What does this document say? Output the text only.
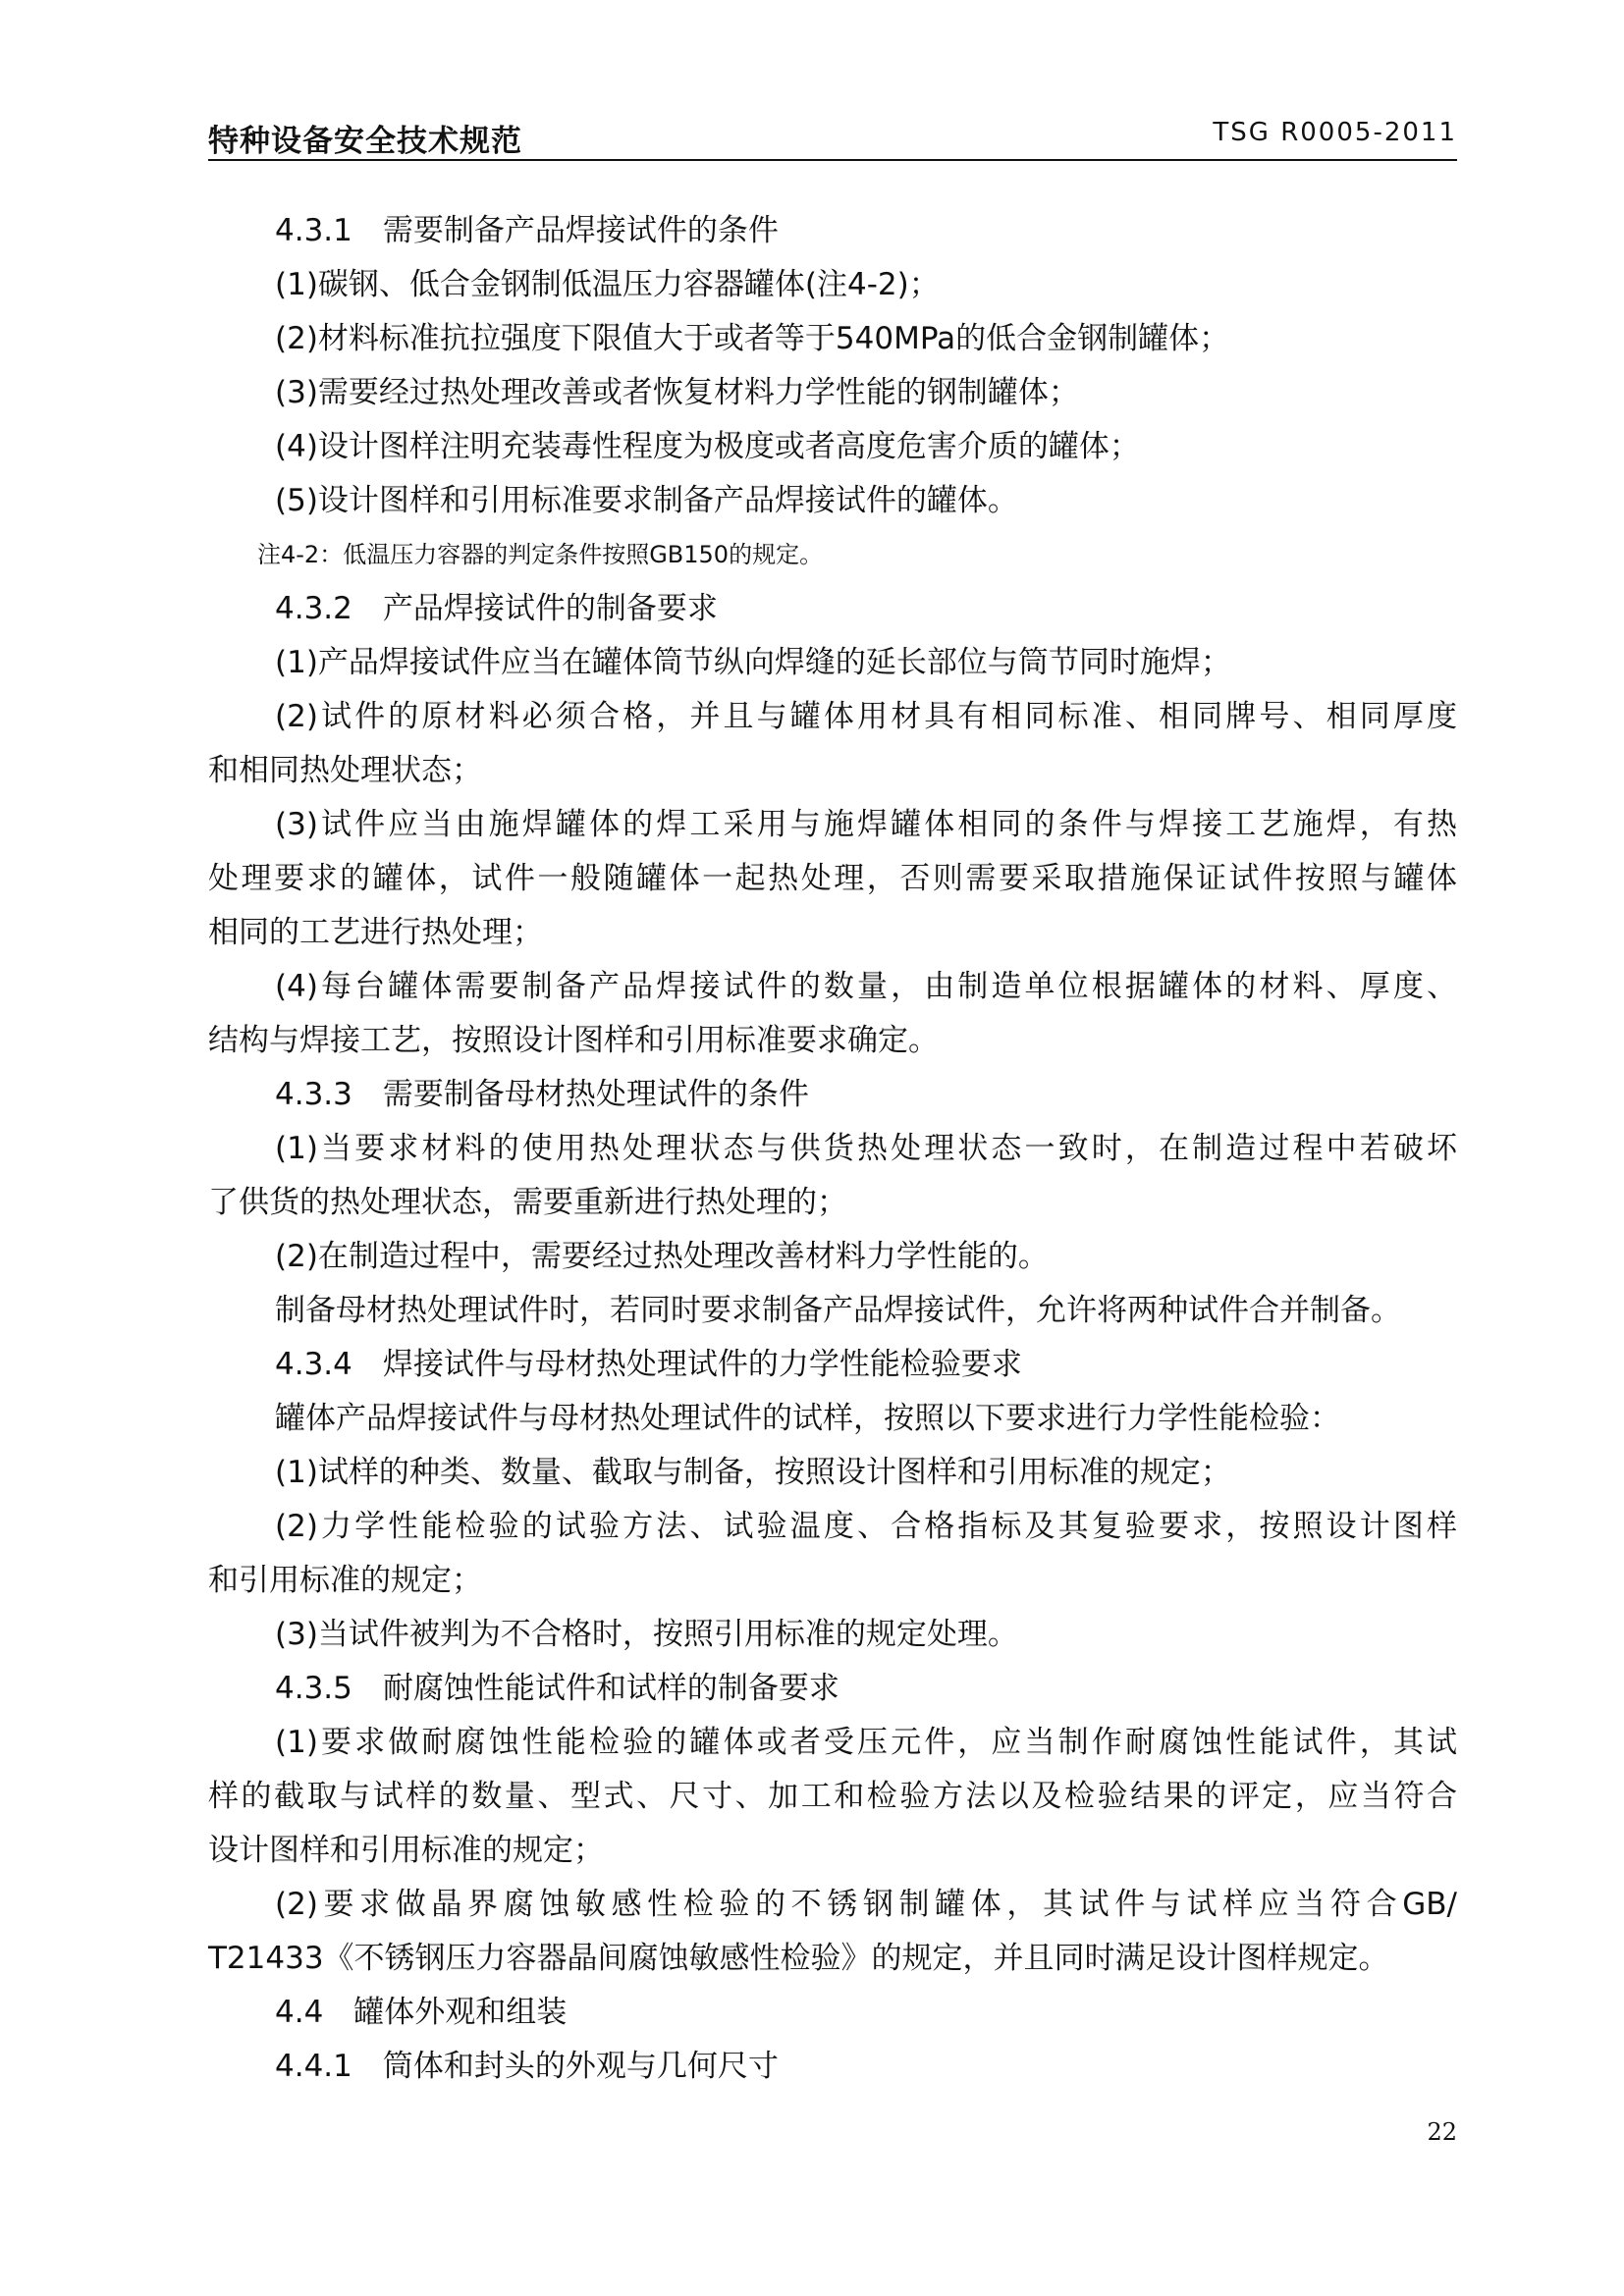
特种设备安全技术规范	TSG R0005-2011
4.3.1　需要制备产品焊接试件的条件
(1)碳钢、低合金钢制低温压力容器罐体(注4-2)；
(2)材料标准抗拉强度下限值大于或者等于540MPa的低合金钢制罐体；
(3)需要经过热处理改善或者恢复材料力学性能的钢制罐体；
(4)设计图样注明充装毒性程度为极度或者高度危害介质的罐体；
(5)设计图样和引用标准要求制备产品焊接试件的罐体。
注4-2：低温压力容器的判定条件按照GB150的规定。
4.3.2　产品焊接试件的制备要求
(1)产品焊接试件应当在罐体筒节纵向焊缝的延长部位与筒节同时施焊；
(2)试件的原材料必须合格，并且与罐体用材具有相同标准、相同牌号、相同厚度
和相同热处理状态；
(3)试件应当由施焊罐体的焊工采用与施焊罐体相同的条件与焊接工艺施焊，有热
处理要求的罐体，试件一般随罐体一起热处理，否则需要采取措施保证试件按照与罐体
相同的工艺进行热处理；
(4)每台罐体需要制备产品焊接试件的数量，由制造单位根据罐体的材料、厚度、
结构与焊接工艺，按照设计图样和引用标准要求确定。
4.3.3　需要制备母材热处理试件的条件
(1)当要求材料的使用热处理状态与供货热处理状态一致时，在制造过程中若破坏
了供货的热处理状态，需要重新进行热处理的；
(2)在制造过程中，需要经过热处理改善材料力学性能的。
制备母材热处理试件时，若同时要求制备产品焊接试件，允许将两种试件合并制备。
4.3.4　焊接试件与母材热处理试件的力学性能检验要求
罐体产品焊接试件与母材热处理试件的试样，按照以下要求进行力学性能检验：
(1)试样的种类、数量、截取与制备，按照设计图样和引用标准的规定；
(2)力学性能检验的试验方法、试验温度、合格指标及其复验要求，按照设计图样
和引用标准的规定；
(3)当试件被判为不合格时，按照引用标准的规定处理。
4.3.5　耐腐蚀性能试件和试样的制备要求
(1)要求做耐腐蚀性能检验的罐体或者受压元件，应当制作耐腐蚀性能试件，其试
样的截取与试样的数量、型式、尺寸、加工和检验方法以及检验结果的评定，应当符合
设计图样和引用标准的规定；
(2)要求做晶界腐蚀敏感性检验的不锈钢制罐体，其试件与试样应当符合GB/
T21433《不锈钢压力容器晶间腐蚀敏感性检验》的规定，并且同时满足设计图样规定。
4.4　罐体外观和组装
4.4.1　筒体和封头的外观与几何尺寸
22
